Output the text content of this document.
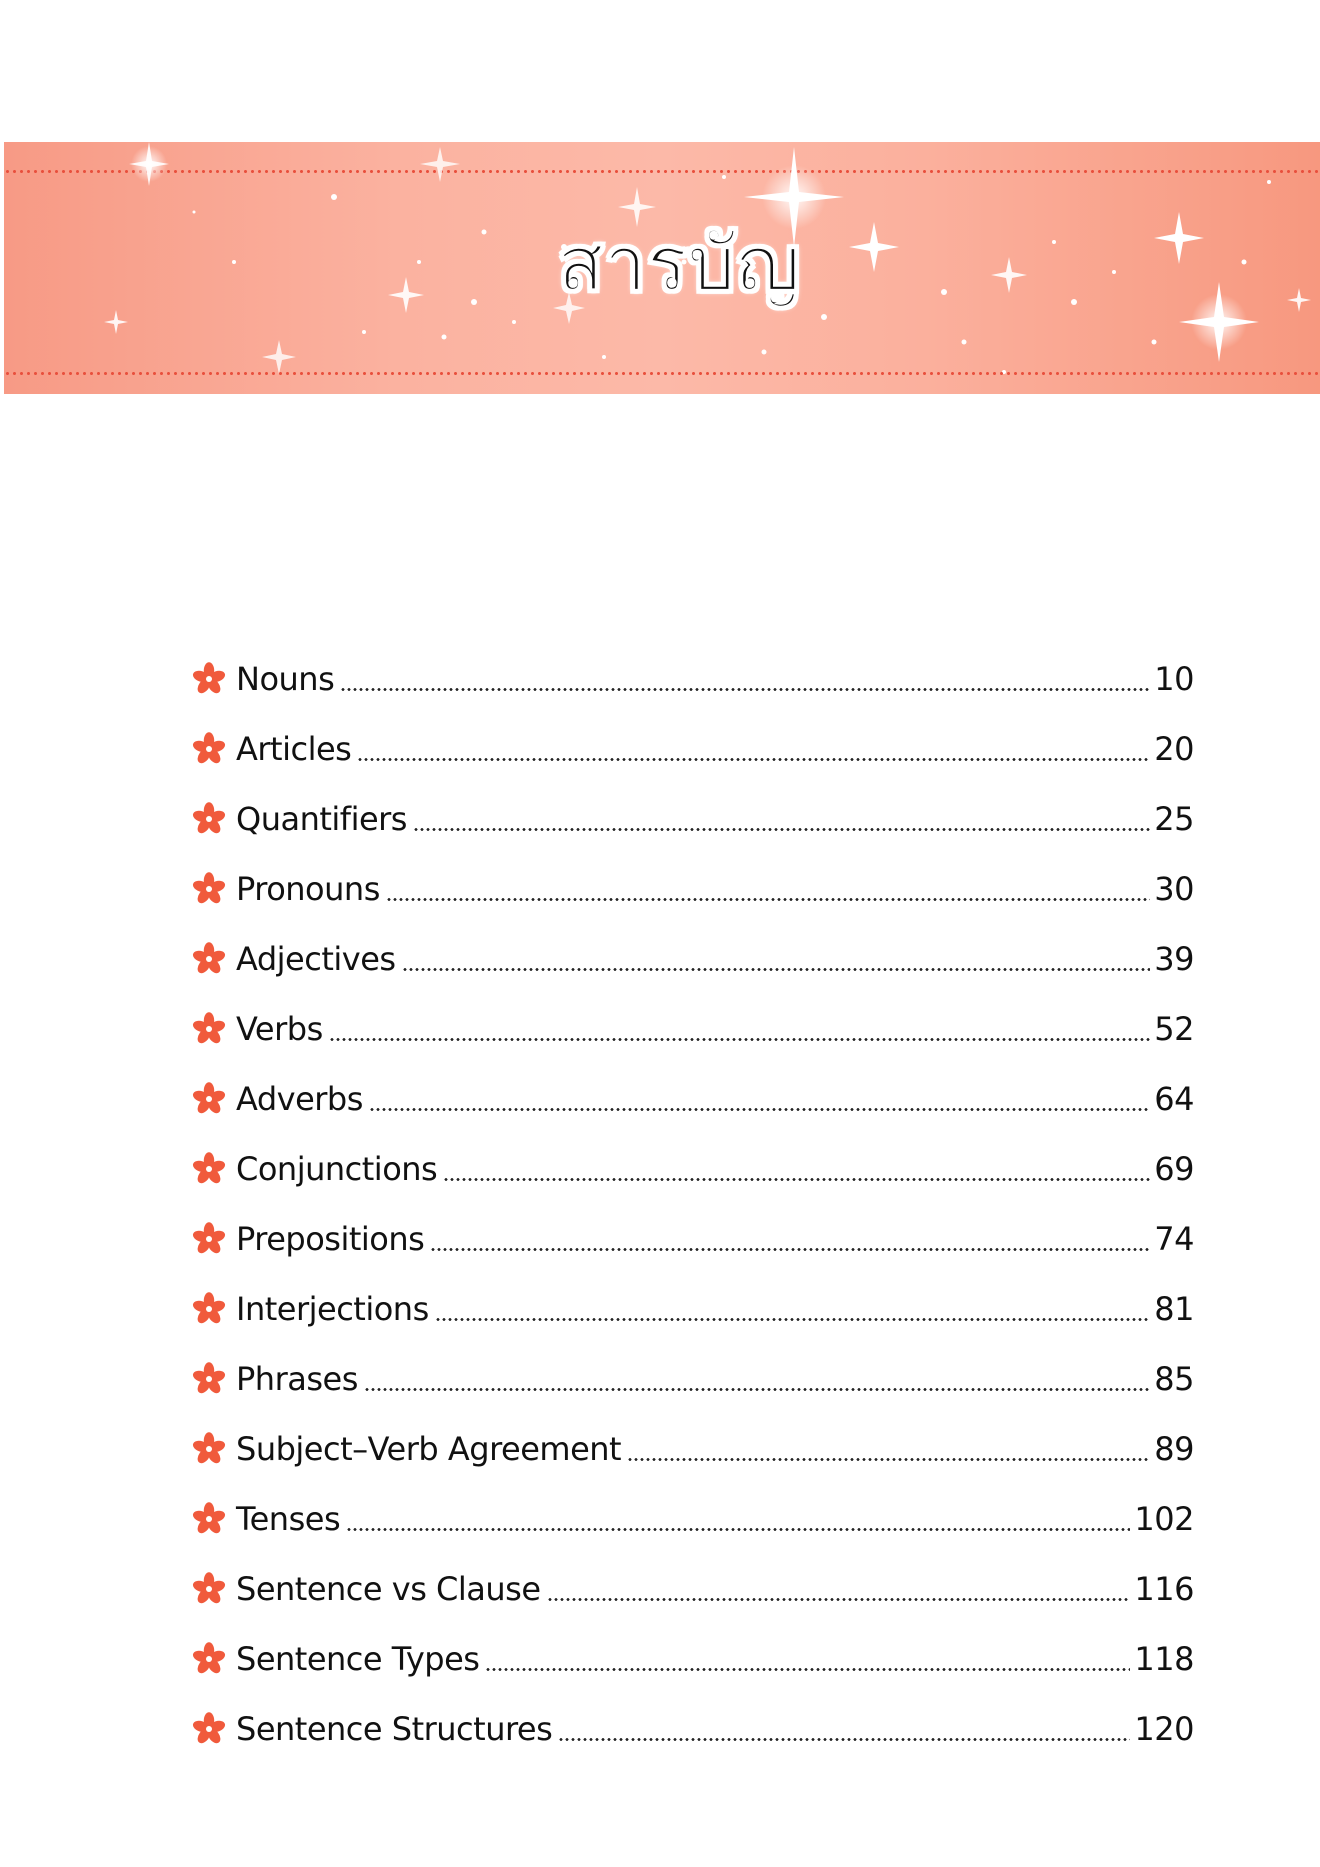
สารบัญ
Nouns	10
Articles	20
Quantifiers	25
Pronouns	30
Adjectives	39
Verbs	52
Adverbs	64
Conjunctions	69
Prepositions	74
Interjections	81
Phrases	85
Subject–Verb Agreement	89
Tenses	102
Sentence vs Clause	116
Sentence Types	118
Sentence Structures	120
